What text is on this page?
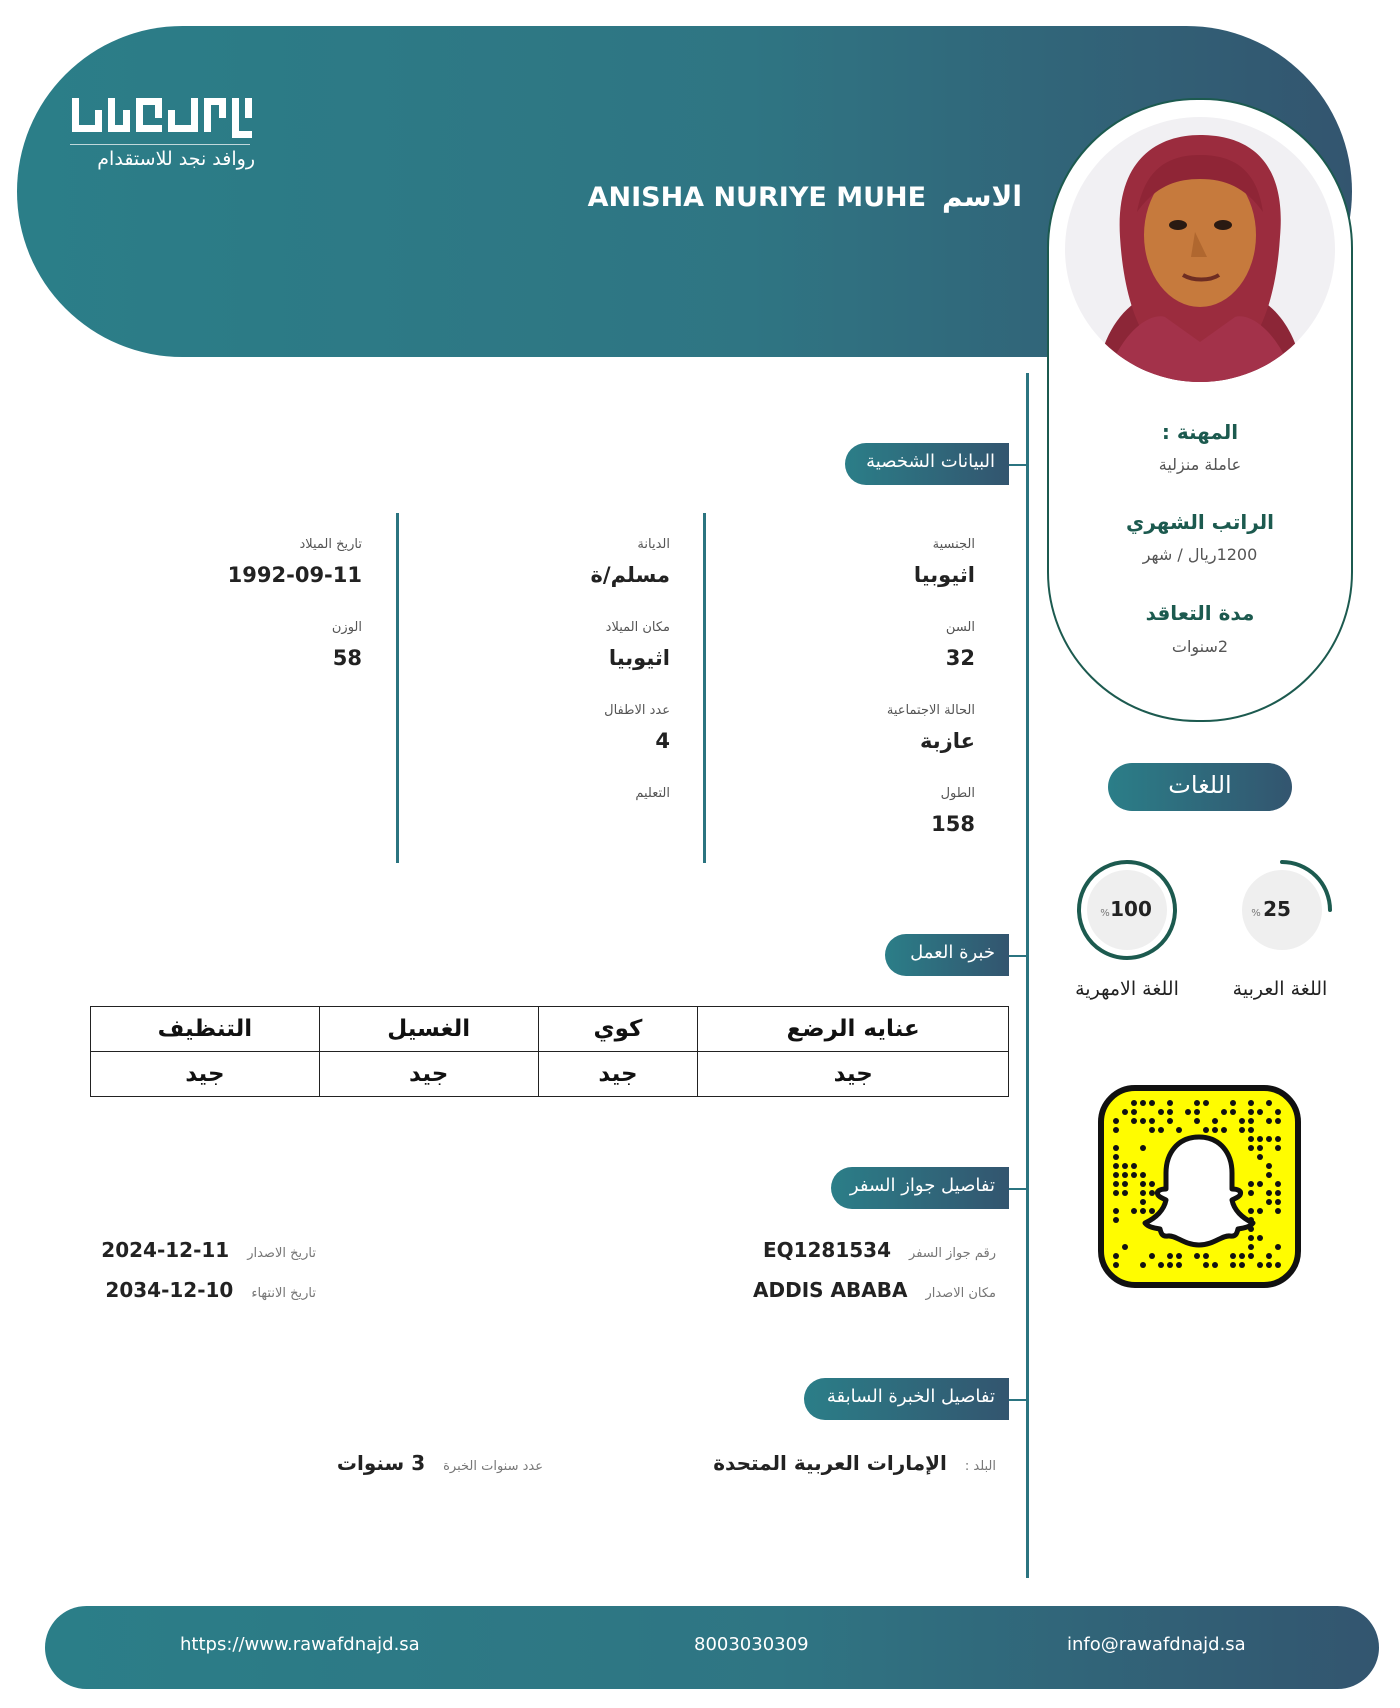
روافد نجد للاستقدام
الاسم
ANISHA NURIYE MUHE
المهنة :
عاملة منزلية
الراتب الشهري
1200ريال / شهر
مدة التعاقد
2سنوات
البيانات الشخصية
الجنسية
اثيوبيا
السن
32
الحالة الاجتماعية
عازبة
الطول
158
الديانة
مسلم/ة
مكان الميلاد
اثيوبيا
عدد الاطفال
4
التعليم
تاريخ الميلاد
1992-09-11
الوزن
58
خبرة العمل
عنايه الرضع	كوي	الغسيل	التنظيف
جيد	جيد	جيد	جيد
تفاصيل جواز السفر
رقم جواز السفر
EQ1281534
مكان الاصدار
ADDIS ABABA
تاريخ الاصدار
2024-12-11
تاريخ الانتهاء
2034-12-10
تفاصيل الخبرة السابقة
البلد :
الإمارات العربية المتحدة
عدد سنوات الخبرة
3 سنوات
اللغات
25
%
100
%
اللغة العربية
اللغة الامهرية
https://www.rawafdnajd.sa	8003030309	info@rawafdnajd.sa
